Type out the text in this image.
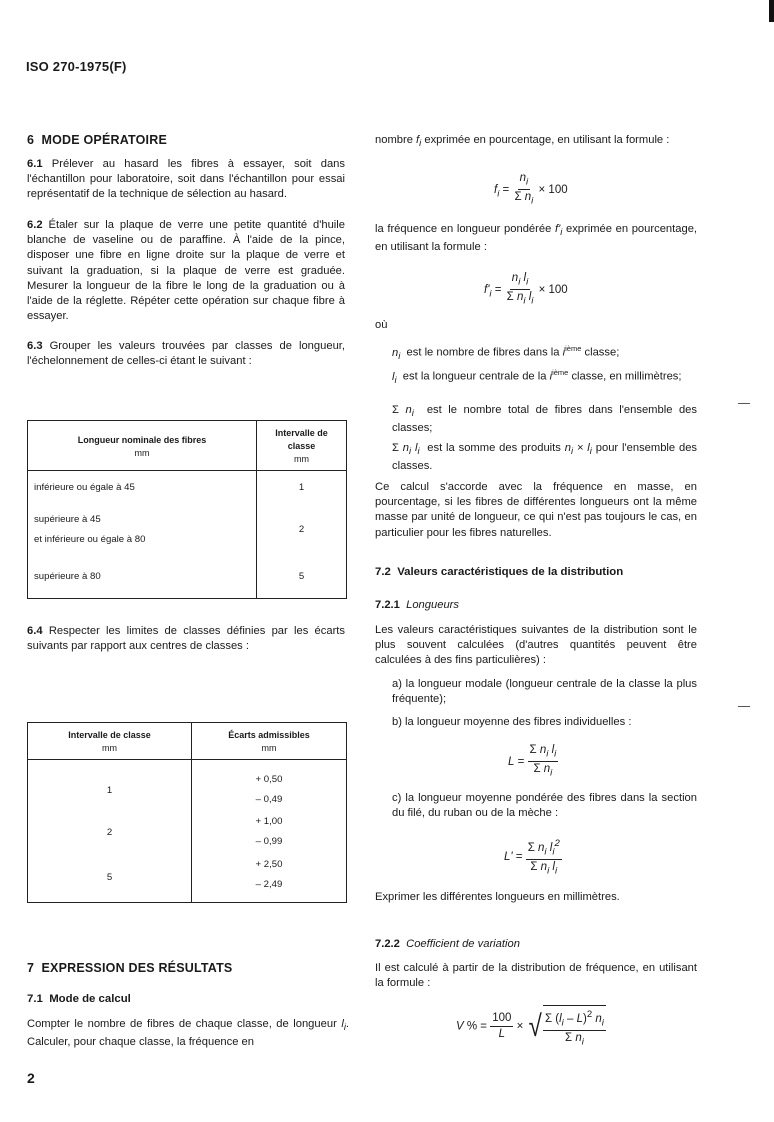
ISO 270-1975(F)
6 MODE OPÉRATOIRE
6.1 Prélever au hasard les fibres à essayer, soit dans l'échantillon pour laboratoire, soit dans l'échantillon pour essai représentatif de la technique de sélection au hasard.
6.2 Étaler sur la plaque de verre une petite quantité d'huile blanche de vaseline ou de paraffine. À l'aide de la pince, disposer une fibre en ligne droite sur la plaque de verre et suivant la graduation, si la plaque de verre est graduée. Mesurer la longueur de la fibre le long de la graduation ou à l'aide de la réglette. Répéter cette opération sur chaque fibre à essayer.
6.3 Grouper les valeurs trouvées par classes de longueur, l'échelonnement de celles-ci étant le suivant :
Longueur nominale des fibres
mm	Intervalle de classe
mm

inférieure ou égale à 45	1

supérieure à 45
et inférieure ou égale à 80	2
supérieure à 80	5
6.4 Respecter les limites de classes définies par les écarts suivants par rapport aux centres de classes :
Intervalle de classe
mm	Écarts admissibles
mm

1	+ 0,50
– 0,49

2	+ 1,00
– 0,99

5	+ 2,50
– 2,49
7 EXPRESSION DES RÉSULTATS
7.1 Mode de calcul
Compter le nombre de fibres de chaque classe, de longueur $l_i$. Calculer, pour chaque classe, la fréquence en
2
nombre $f_i$ exprimée en pourcentage, en utilisant la formule :
$f_i = \frac{n_i}{\Sigma n_i} \times 100$
la fréquence en longueur pondérée $f'_i$ exprimée en pourcentage, en utilisant la formule :
$f'_i = \frac{n_i l_i}{\Sigma n_i l_i} \times 100$
où
$n_i$ est le nombre de fibres dans la $i^{ième}$ classe;
$l_i$ est la longueur centrale de la $i^{ième}$ classe, en millimètres;
Σ $n_i$ est le nombre total de fibres dans l'ensemble des classes;
Σ $n_i$ $l_i$ est la somme des produits $n_i \times l_i$ pour l'ensemble des classes.
Ce calcul s'accorde avec la fréquence en masse, en pourcentage, si les fibres de différentes longueurs ont la même masse par unité de longueur, ce qui n'est pas toujours le cas, en particulier pour les fibres naturelles.
7.2 Valeurs caractéristiques de la distribution
7.2.1 Longueurs
Les valeurs caractéristiques suivantes de la distribution sont le plus souvent calculées (d'autres quantités peuvent être calculées à des fins particulières) :
a) la longueur modale (longueur centrale de la classe la plus fréquente);
b) la longueur moyenne des fibres individuelles :
$L = \frac{\Sigma n_i l_i}{\Sigma n_i}$
c) la longueur moyenne pondérée des fibres dans la section du filé, du ruban ou de la mèche :
$L' = \frac{\Sigma n_i l_i^2}{\Sigma n_i l_i}$
Exprimer les différentes longueurs en millimètres.
7.2.2 Coefficient de variation
Il est calculé à partir de la distribution de fréquence, en utilisant la formule :
V % = $\frac{100}{L}$ × √ $\frac{\Sigma (l_i - L)^2 n_i}{\Sigma n_i}$
